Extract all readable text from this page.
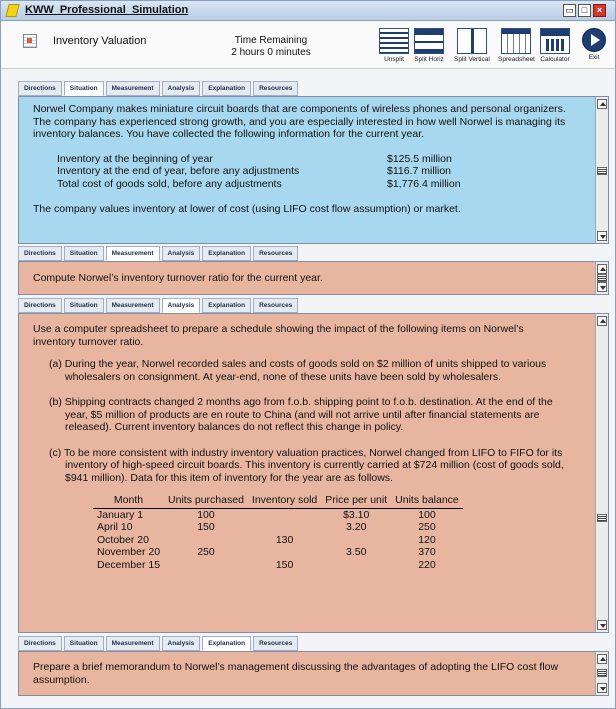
KWW_Professional_Simulation	▭ □	×
Inventory Valuation	Time Remaining
2 hours 0 minutes
Unsplit	Split Horiz Split Vertical Spreadsheet Calculator	Exit
Directions	Situation	Measurement	Analysis	Explanation	Resources

Norwel Company makes miniature circuit boards that are components of wireless phones and personal organizers. The company has experienced strong growth, and you are especially interested in how well Norwel is managing its inventory balances. You have collected the following information for the current year.

Inventory at the beginning of year	$125.5 million
Inventory at the end of year, before any adjustments	$116.7 million
Total cost of goods sold, before any adjustments	$1,776.4 million

The company values inventory at lower of cost (using LIFO cost flow assumption) or market.

Directions	Situation	Measurement	Analysis	Explanation	Resources

Compute Norwel’s inventory turnover ratio for the current year.

Directions	Situation	Measurement	Analysis	Explanation	Resources

Use a computer spreadsheet to prepare a schedule showing the impact of the following items on Norwel’s inventory turnover ratio.

(a) During the year, Norwel recorded sales and costs of goods sold on $2 million of units shipped to various wholesalers on consignment. At year-end, none of these units have been sold by wholesalers.

(b) Shipping contracts changed 2 months ago from f.o.b. shipping point to f.o.b. destination. At the end of the year, $5 million of products are en route to China (and will not arrive until after financial statements are released). Current inventory balances do not reflect this change in policy.

(c) To be more consistent with industry inventory valuation practices, Norwel changed from LIFO to FIFO for its inventory of high-speed circuit boards. This inventory is currently carried at $724 million (cost of goods sold, $941 million). Data for this item of inventory for the year are as follows.

Month	Units purchased	Inventory sold	Price per unit	Units balance
January 1	100		$3.10	100
April 10	150		3.20	250
October 20		130		120
November 20	250		3.50	370
December 15		150		220
Directions	Situation	Measurement	Analysis	Explanation	Resources

Prepare a brief memorandum to Norwel’s management discussing the advantages of adopting the LIFO cost flow assumption.
